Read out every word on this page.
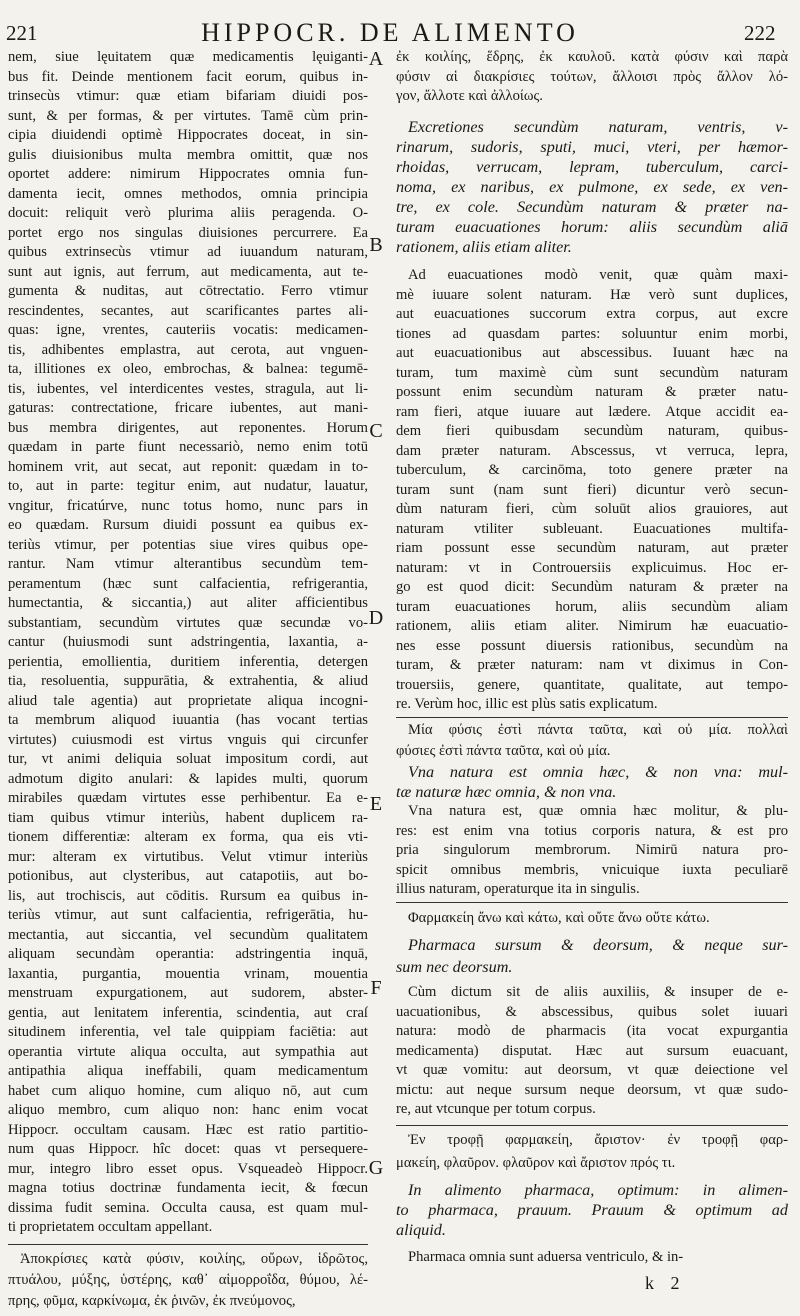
221	HIPPOCR. DE ALIMENTO	222
nem, siue lęuitatem quæ medicamentis lęuiganti-
bus fit. Deinde mentionem facit eorum, quibus in-
trinsecùs vtimur: quæ etiam bifariam diuidi pos-
sunt, & per formas, & per virtutes. Tamē cùm prin-
cipia diuidendi optimè Hippocrates doceat, in sin-
gulis diuisionibus multa membra omittit, quæ nos
oportet addere: nimirum Hippocrates omnia fun-
damenta iecit, omnes methodos, omnia principia
docuit: reliquit verò plurima aliis peragenda. O-
portet ergo nos singulas diuisiones percurrere. Ea
quibus extrinsecùs vtimur ad iuuandum naturam,
sunt aut ignis, aut ferrum, aut medicamenta, aut te-
gumenta & nuditas, aut cōtrectatio. Ferro vtimur
rescindentes, secantes, aut scarificantes partes ali-
quas: igne, vrentes, cauteriis vocatis: medicamen-
tis, adhibentes emplastra, aut cerota, aut vnguen-
ta, illitiones ex oleo, embrochas, & balnea: tegumē-
tis, iubentes, vel interdicentes vestes, stragula, aut li-
gaturas: contrectatione, fricare iubentes, aut mani-
bus membra dirigentes, aut reponentes. Horum
quædam in parte fiunt necessariò, nemo enim totū
hominem vrit, aut secat, aut reponit: quædam in to-
to, aut in parte: tegitur enim, aut nudatur, lauatur,
vngitur, fricatúrve, nunc totus homo, nunc pars in
eo quædam. Rursum diuidi possunt ea quibus ex-
teriùs vtimur, per potentias siue vires quibus ope-
rantur. Nam vtimur alterantibus secundùm tem-
peramentum (hæc sunt calfacientia, refrigerantia,
humectantia, & siccantia,) aut aliter afficientibus
substantiam, secundùm virtutes quæ secundæ vo-
cantur (huiusmodi sunt adstringentia, laxantia, a-
perientia, emollientia, duritiem inferentia, detergen
tia, resoluentia, suppurātia, & extrahentia, & aliud
aliud tale agentia) aut proprietate aliqua incogni-
ta membrum aliquod iuuantia (has vocant tertias
virtutes) cuiusmodi est virtus vnguis qui circunfer
tur, vt animi deliquia soluat impositum cordi, aut
admotum digito anulari: & lapides multi, quorum
mirabiles quædam virtutes esse perhibentur. Ea e-
tiam quibus vtimur interiùs, habent duplicem ra-
tionem differentiæ: alteram ex forma, qua eis vti-
mur: alteram ex virtutibus. Velut vtimur interiùs
potionibus, aut clysteribus, aut catapotiis, aut bo-
lis, aut trochiscis, aut cōditis. Rursum ea quibus in-
teriùs vtimur, aut sunt calfacientia, refrigerātia, hu-
mectantia, aut siccantia, vel secundùm qualitatem
aliquam secundàm operantia: adstringentia inquā,
laxantia, purgantia, mouentia vrinam, mouentia
menstruam expurgationem, aut sudorem, abster-
gentia, aut lenitatem inferentia, scindentia, aut craſ
situdinem inferentia, vel tale quippiam faciētia: aut
operantia virtute aliqua occulta, aut sympathia aut
antipathia aliqua ineffabili, quam medicamentum
habet cum aliquo homine, cum aliquo nō, aut cum
aliquo membro, cum aliquo non: hanc enim vocat
Hippocr. occultam causam. Hæc est ratio partitio-
num quas Hippocr. hîc docet: quas vt persequere-
mur, integro libro esset opus. Vsqueadeò Hippocr.
magna totius doctrinæ fundamenta iecit, & fœcun
dissima fudit semina. Occulta causa, est quam mul-
ti proprietatem occultam appellant.
Ἀποκρίσιες κατὰ φύσιν, κοιλίης, οὔρων, ἱδρῶτος,
πτυάλου, μύξης, ὑστέρης, καθ᾽ αἱμορροΐδα, θύμου, λέ-
πρης, φῦμα, καρκίνωμα, ἐκ ῥινῶν, ἐκ πνεύμονος,
A
B
C
D
E
F
G
ἐκ κοιλίης, ἕδρης, ἐκ καυλοῦ. κατὰ φύσιν καὶ παρὰ
φύσιν αἱ διακρίσιες τούτων, ἄλλοισι πρὸς ἄλλον λό-
γον, ἄλλοτε καὶ ἀλλοίως.
Excretiones secundùm naturam, ventris, v-
rinarum, sudoris, sputi, muci, vteri, per hæmor-
rhoidas, verrucam, lepram, tuberculum, carci-
noma, ex naribus, ex pulmone, ex sede, ex ven-
tre, ex cole. Secundùm naturam & præter na-
turam euacuationes horum: aliis secundùm aliā
rationem, aliis etiam aliter.
Ad euacuationes modò venit, quæ quàm maxi-
mè iuuare solent naturam. Hæ verò sunt duplices,
aut euacuationes succorum extra corpus, aut excre
tiones ad quasdam partes: soluuntur enim morbi,
aut euacuationibus aut abscessibus. Iuuant hæc na
turam, tum maximè cùm sunt secundùm naturam
possunt enim secundùm naturam & præter natu-
ram fieri, atque iuuare aut lædere. Atque accidit ea-
dem fieri quibusdam secundùm naturam, quibus-
dam præter naturam. Abscessus, vt verruca, lepra,
tuberculum, & carcinōma, toto genere præter na
turam sunt (nam sunt fieri) dicuntur verò secun-
dùm naturam fieri, cùm soluūt alios grauiores, aut
naturam vtiliter subleuant. Euacuationes multifa-
riam possunt esse secundùm naturam, aut præter
naturam: vt in Controuersiis explicuimus. Hoc er-
go est quod dicit: Secundùm naturam & præter na
turam euacuationes horum, aliis secundùm aliam
rationem, aliis etiam aliter. Nimirum hæ euacuatio-
nes esse possunt diuersis rationibus, secundùm na
turam, & præter naturam: nam vt diximus in Con-
trouersiis, genere, quantitate, qualitate, aut tempo-
re. Verùm hoc, illic est plùs satis explicatum.
Μία φύσις ἐστὶ πάντα ταῦτα, καὶ οὐ μία. πολλαὶ
φύσιες ἐστὶ πάντα ταῦτα, καὶ οὐ μία.
Vna natura est omnia hæc, & non vna: mul-
tæ naturæ hæc omnia, & non vna.
Vna natura est, quæ omnia hæc molitur, & plu-
res: est enim vna totius corporis natura, & est pro
pria singulorum membrorum. Nimirū natura pro-
spicit omnibus membris, vnicuique iuxta peculiarē
illius naturam, operaturque ita in singulis.
Φαρμακείη ἄνω καὶ κάτω, καὶ οὔτε ἄνω οὔτε κάτω.
Pharmaca sursum & deorsum, & neque sur-
sum nec deorsum.
Cùm dictum sit de aliis auxiliis, & insuper de e-
uacuationibus, & abscessibus, quibus solet iuuari
natura: modò de pharmacis (ita vocat expurgantia
medicamenta) disputat. Hæc aut sursum euacuant,
vt quæ vomitu: aut deorsum, vt quæ deiectione vel
mictu: aut neque sursum neque deorsum, vt quæ sudo-
re, aut vtcunque per totum corpus.
Ἐν τροφῇ φαρμακείη, ἄριστον· ἐν τροφῇ φαρ-
μακείη, φλαῦρον. φλαῦρον καὶ ἄριστον πρός τι.
In alimento pharmaca, optimum: in alimen-
to pharmaca, prauum. Prauum & optimum ad
aliquid.
Pharmaca omnia sunt aduersa ventriculo, & in-
k 2
